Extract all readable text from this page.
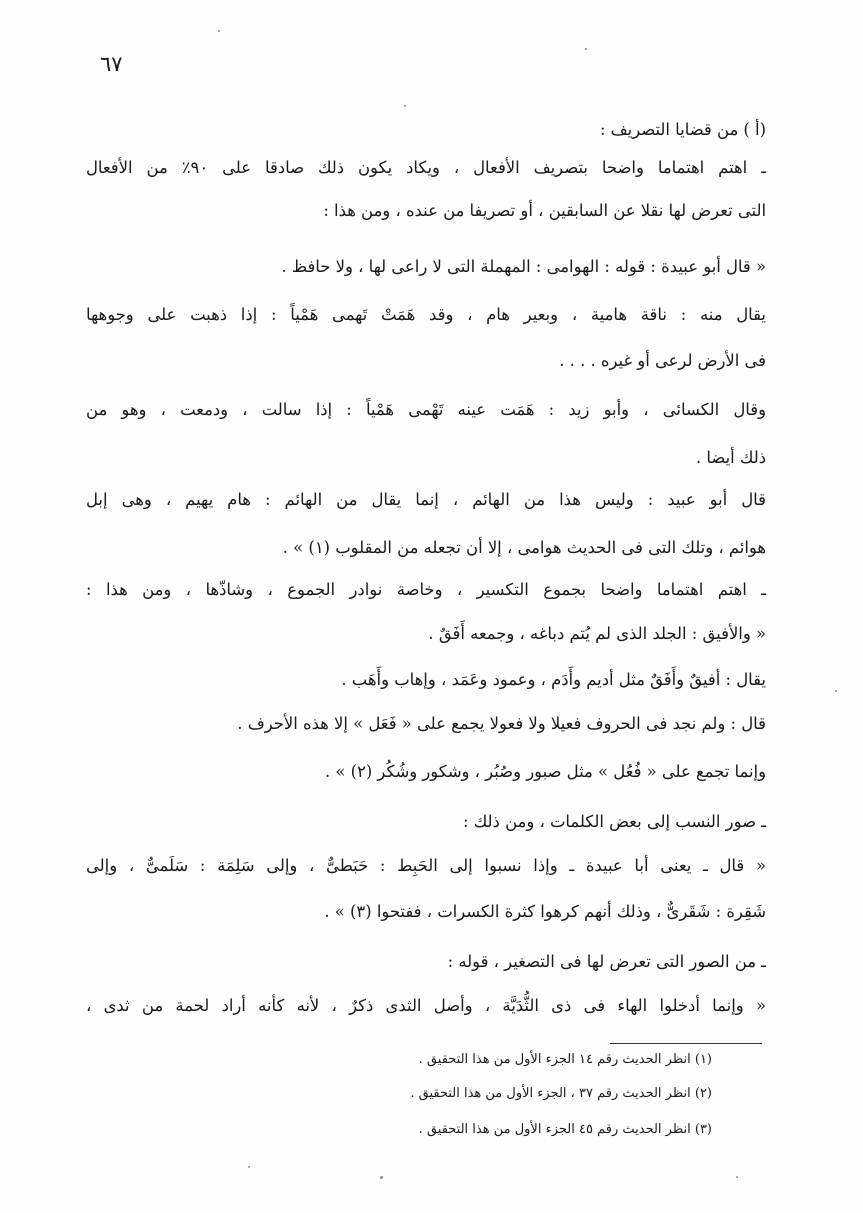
٦٧
(أ ) من قضايا التصريف :
ـ اهتم اهتماما واضحا بتصريف الأفعال ، ويكاد يكون ذلك صادقا على ٩٠٪ من الأفعال
التى تعرض لها نقلا عن السابقين ، أو تصريفا من عنده ، ومن هذا :
« قال أبو عبيدة : قوله : الهوامى : المهملة التى لا راعى لها ، ولا حافظ .
يقال منه : ناقة هامية ، وبعير هام ، وقد هَمَتْ تَهمى هَمْياً : إذا ذهبت على وجوهها
فى الأرض لرعى أو غيره . . . .
وقال الكسائى ، وأبو زيد : هَمَت عينه تَهْمى هَمْياً : إذا سالت ، ودمعت ، وهو من
ذلك أيضا .
قال أبو عبيد : وليس هذا من الهائم ، إنما يقال من الهائم : هام يهيم ، وهى إبل
هوائم ، وتلك التى فى الحديث هوامى ، إلا أن تجعله من المقلوب (١) » .
ـ اهتم اهتماما واضحا بجموع التكسير ، وخاصة نوادر الجموع ، وشاذّها ، ومن هذا :
« والأفيق : الجلد الذى لم يُتم دباغه ، وجمعه أَفَقٌ .
يقال : أفيقٌ وأَفَقٌ مثل أديم وأَدَم ، وعمود وعَمَد ، وإهاب وأَهَب .
قال : ولم نجد فى الحروف فعيلا ولا فعولا يجمع على « فَعَل » إلا هذه الأحرف .
وإنما تجمع على « فُعُل » مثل صبور وصُبُر ، وشكور وشُكُر (٢) » .
ـ صور النسب إلى بعض الكلمات ، ومن ذلك :
« قال ـ يعنى أبا عبيدة ـ وإذا نسبوا إلى الحَبِط : حَبَطىٌّ ، وإلى سَلِمَة : سَلَمىٌّ ، وإلى
شَقِرة : شَقَرىٌّ ، وذلك أنهم كرهوا كثرة الكسرات ، ففتحوا (٣) » .
ـ من الصور التى تعرض لها فى التصغير ، قوله :
« وإنما أدخلوا الهاء فى ذى الثُّدَيَّة ، وأصل الثدى ذكرٌ ، لأنه كأنه أراد لحمة من ثدى ،
(١) انظر الحديث رقم ١٤ الجزء الأول من هذا التحقيق .
(٢) انظر الحديث رقم ٣٧ ، الجزء الأول من هذا التحقيق .
(٣) انظر الحديث رقم ٤٥ الجزء الأول من هذا التحقيق .
